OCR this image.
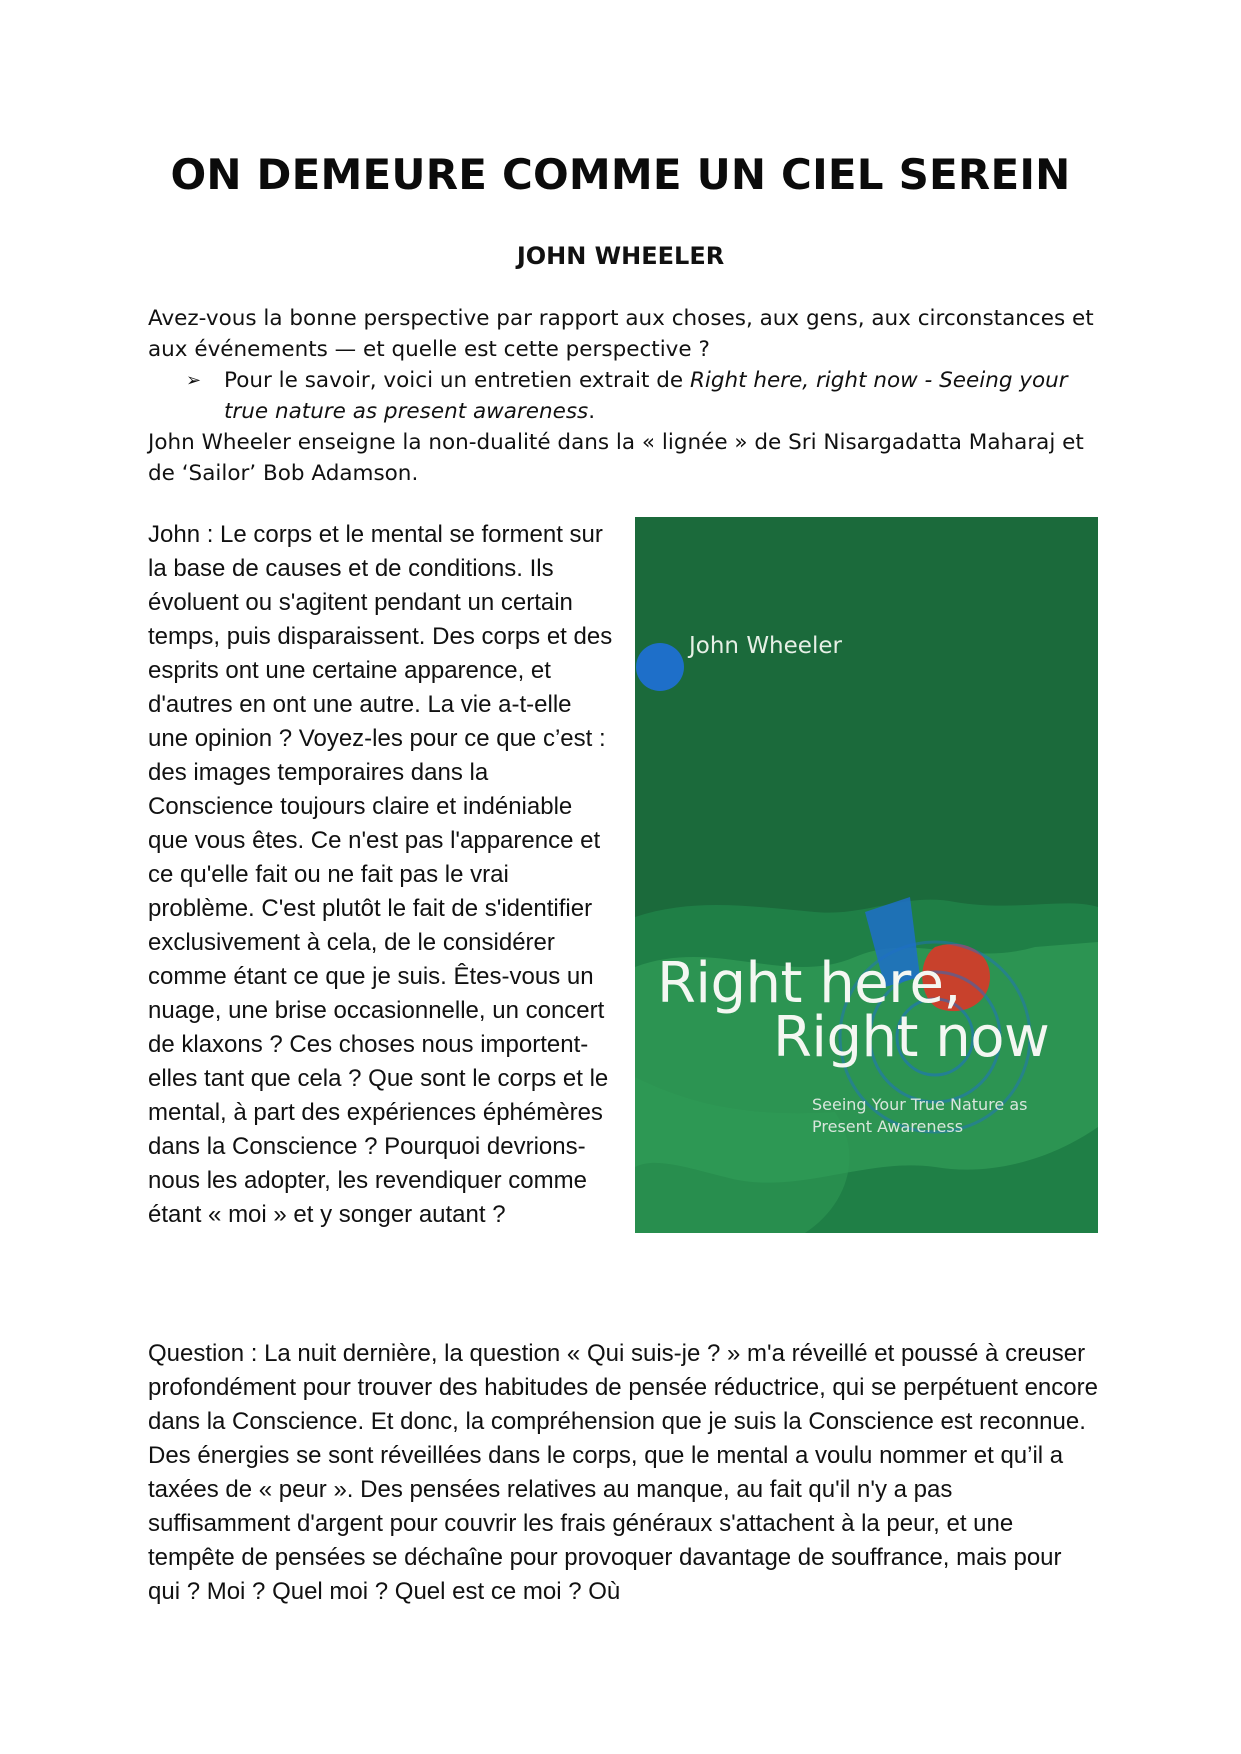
ON DEMEURE COMME UN CIEL SEREIN
JOHN WHEELER

Avez-vous la bonne perspective par rapport aux choses, aux gens, aux circonstances et aux événements — et quelle est cette perspective ?

➢	Pour le savoir, voici un entretien extrait de Right here, right now - Seeing your true nature as present awareness.

John Wheeler enseigne la non-dualité dans la « lignée » de Sri Nisargadatta Maharaj et de ‘Sailor’ Bob Adamson.

John Wheeler
Right here,
Right now
Seeing Your True Nature as
Present Awareness

John : Le corps et le mental se forment sur la base de causes et de conditions. Ils évoluent ou s'agitent pendant un certain temps, puis disparaissent. Des corps et des esprits ont une certaine apparence, et d'autres en ont une autre. La vie a-t-elle une opinion ? Voyez-les pour ce que c’est : des images temporaires dans la Conscience toujours claire et indéniable que vous êtes. Ce n'est pas l'apparence et ce qu'elle fait ou ne fait pas le vrai problème. C'est plutôt le fait de s'identifier exclusivement à cela, de le considérer comme étant ce que je suis. Êtes-vous un nuage, une brise occasionnelle, un concert de klaxons ? Ces choses nous importent-elles tant que cela ? Que sont le corps et le mental, à part des expériences éphémères dans la Conscience ? Pourquoi devrions-nous les adopter, les revendiquer comme étant « moi » et y songer autant ?

Question : La nuit dernière, la question « Qui suis-je ? » m'a réveillé et poussé à creuser profondément pour trouver des habitudes de pensée réductrice, qui se perpétuent encore dans la Conscience. Et donc, la compréhension que je suis la Conscience est reconnue. Des énergies se sont réveillées dans le corps, que le mental a voulu nommer et qu’il a taxées de « peur ». Des pensées relatives au manque, au fait qu'il n'y a pas suffisamment d'argent pour couvrir les frais généraux s'attachent à la peur, et une tempête de pensées se déchaîne pour provoquer davantage de souffrance, mais pour qui ? Moi ? Quel moi ? Quel est ce moi ? Où
